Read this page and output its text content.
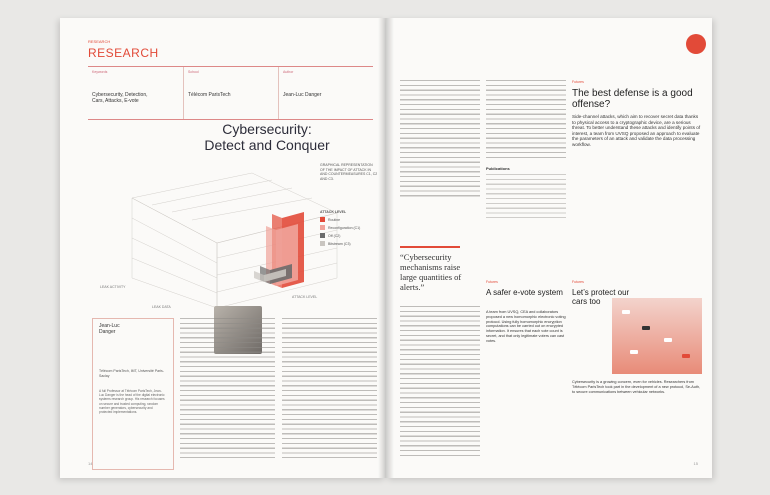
RESEARCH
RESEARCH
Keywords
Cybersecurity, Detection, Cars, Attacks, E-vote
School
Télécom ParisTech
Author
Jean-Luc Danger
Cybersecurity:
Detect and Conquer
LEAK ACTIVITY
LEAK DATA
ATTACK LEVEL
GRAPHICAL REPRESENTATION OF THE IMPACT OF ATTACK IN AND COUNTERMEASURES C1, C2 AND C3.
ATTACK LEVEL
Routine
Reconfiguration (C1)
Off (C2)
Bitstream (C3)
Jean-Luc
Danger
Télécom ParisTech, IMT, Université Paris-Saclay
A full Professor at Télécom ParisTech, Jean-Luc Danger is the head of the digital electronic systems research group. His research focuses on secure and trusted computing, random number generators, cybersecurity and protected implementations.
14
Publications
Futures
The best defense is a good offense?
Side-channel attacks, which aim to recover secret data thanks to physical access to a cryptographic device, are a serious threat. To better understand these attacks and identify points of interest, a team from UVSQ proposed an approach to evaluate the parameters of an attack and validate the data processing workflow.
“Cybersecurity mechanisms raise large quantities of alerts.”	Futures
A safer e-vote system
A team from UVSQ, CEA and collaborators proposed a new homomorphic electronic voting protocol. Using fully homomorphic encryption computations can be carried out on encrypted information. It ensures that each vote count is secret, and that only legitimate voters can cast votes.
Futures
Let’s protect our cars too
Cybersecurity is a growing concern, even for vehicles. Researchers from Télécom ParisTech took part in the development of a new protocol, Se-Auth, to secure communications between vehicular networks.
15
